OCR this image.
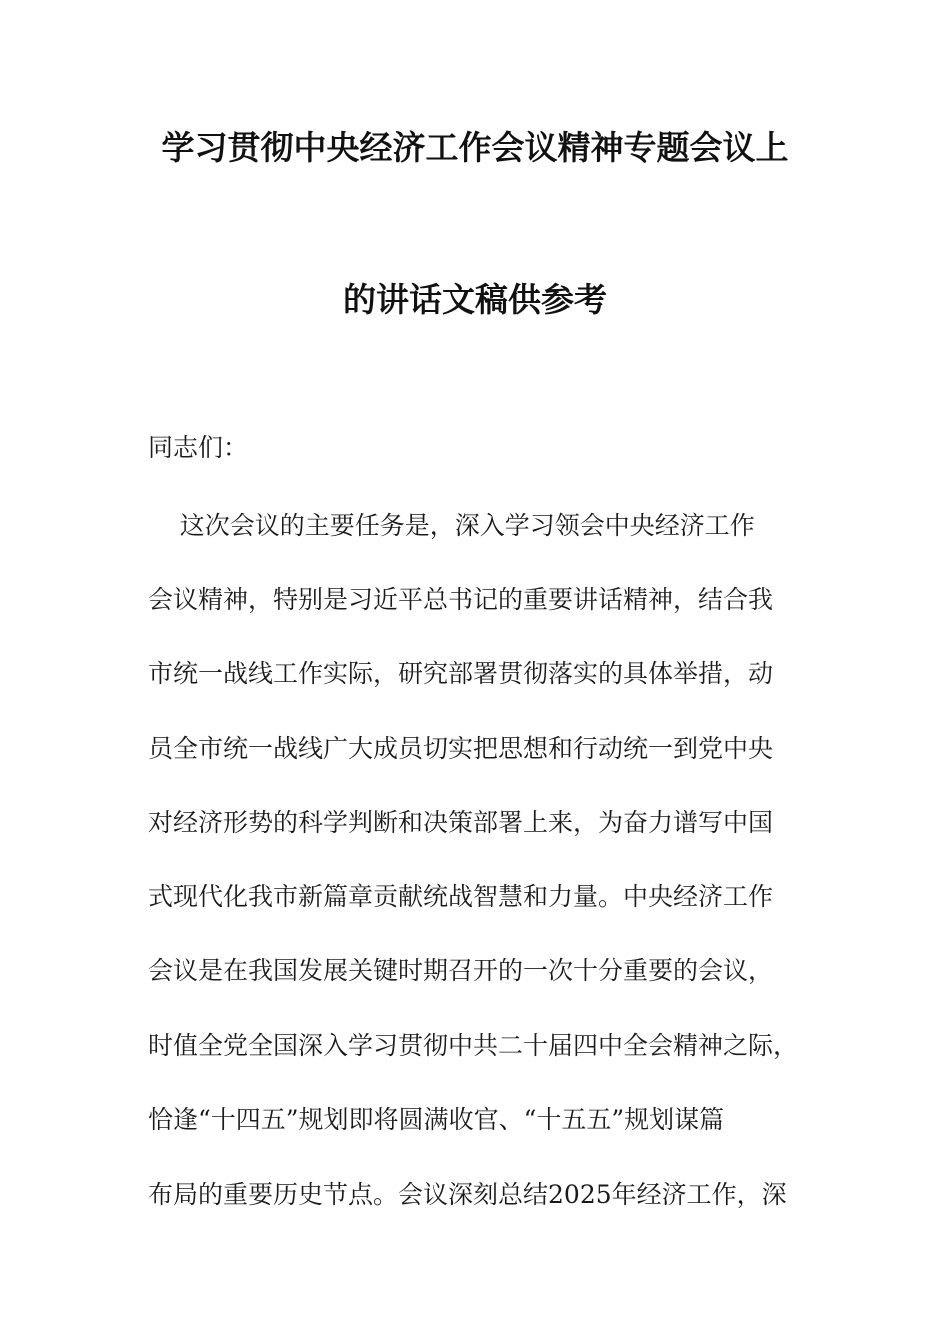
学习贯彻中央经济工作会议精神专题会议上
的讲话文稿供参考
同志们：
这次会议的主要任务是，深入学习领会中央经济工作
会议精神，特别是习近平总书记的重要讲话精神，结合我
市统一战线工作实际，研究部署贯彻落实的具体举措，动
员全市统一战线广大成员切实把思想和行动统一到党中央
对经济形势的科学判断和决策部署上来，为奋力谱写中国
式现代化我市新篇章贡献统战智慧和力量。中央经济工作
会议是在我国发展关键时期召开的一次十分重要的会议，
时值全党全国深入学习贯彻中共二十届四中全会精神之际，
恰逢“十四五”规划即将圆满收官、“十五五”规划谋篇
布局的重要历史节点。会议深刻总结2025年经济工作，深
